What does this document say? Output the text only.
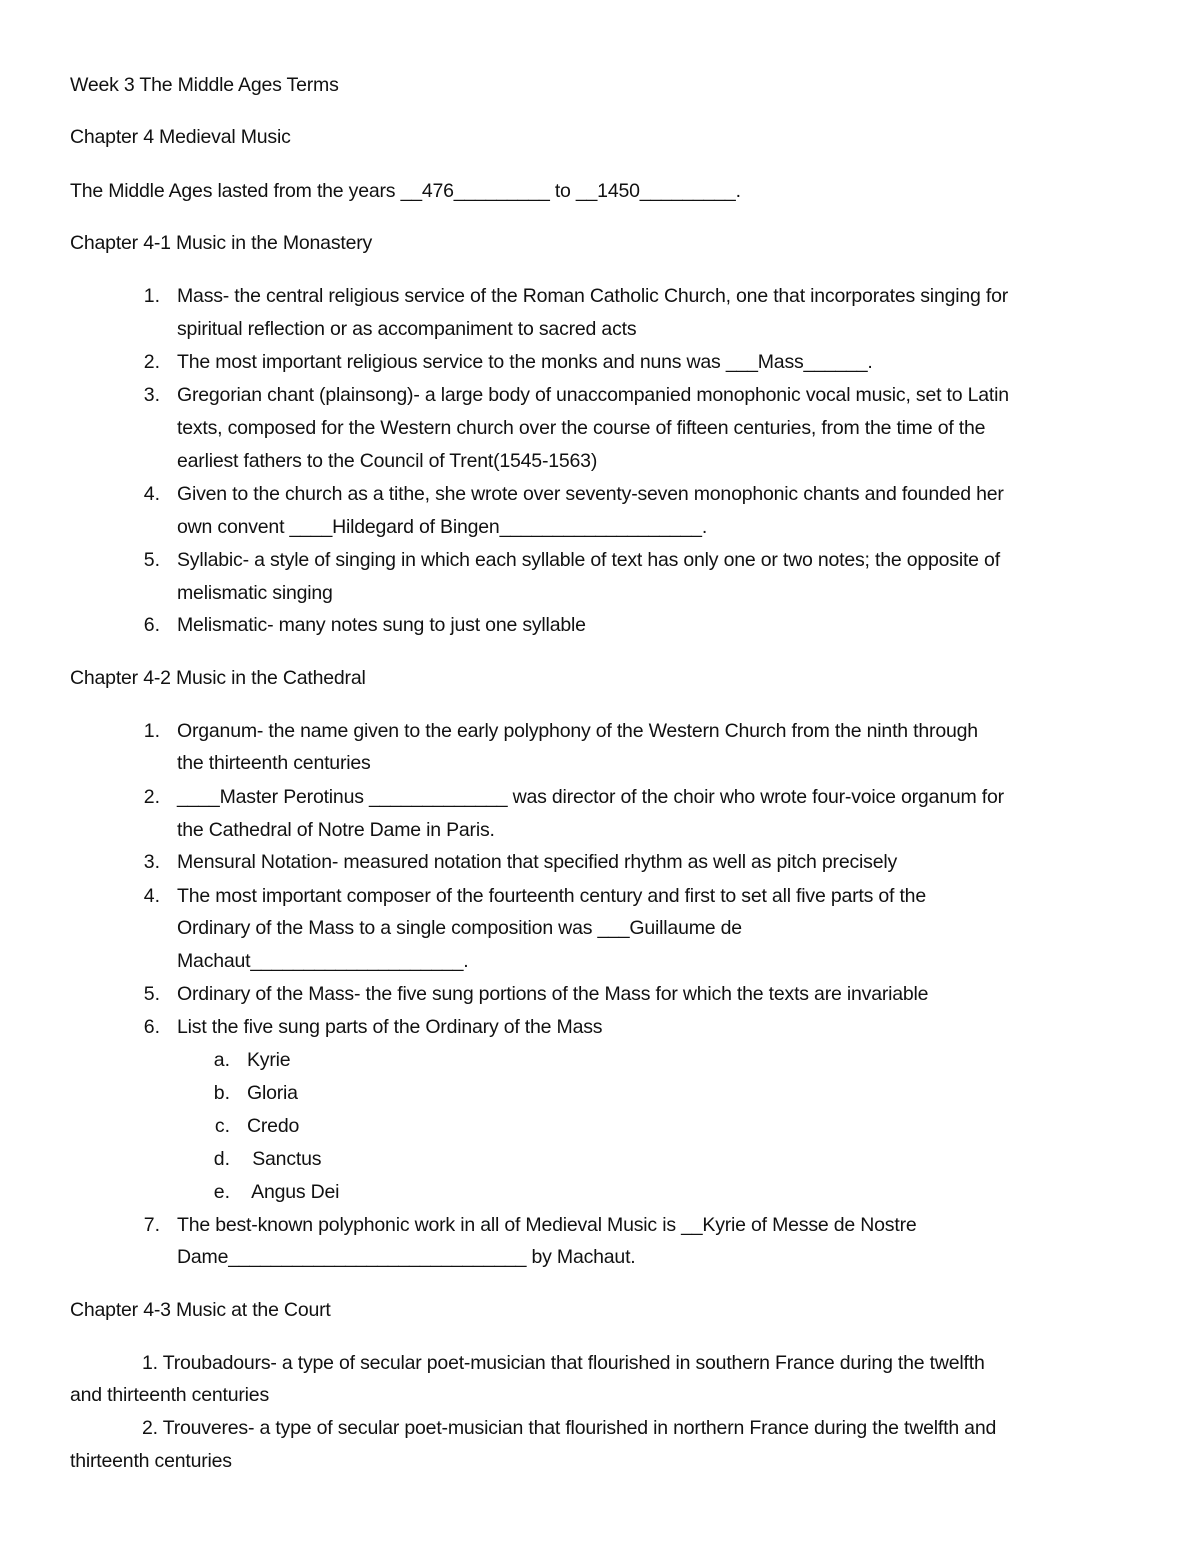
Week 3 The Middle Ages Terms
Chapter 4 Medieval Music
The Middle Ages lasted from the years __476_________ to __1450_________.
Chapter 4-1 Music in the Monastery
1. Mass- the central religious service of the Roman Catholic Church, one that incorporates singing for
spiritual reflection or as accompaniment to sacred acts
2. The most important religious service to the monks and nuns was ___Mass______.
3. Gregorian chant (plainsong)- a large body of unaccompanied monophonic vocal music, set to Latin
texts, composed for the Western church over the course of fifteen centuries, from the time of the
earliest fathers to the Council of Trent(1545-1563)
4. Given to the church as a tithe, she wrote over seventy-seven monophonic chants and founded her
own convent ____Hildegard of Bingen___________________.
5. Syllabic- a style of singing in which each syllable of text has only one or two notes; the opposite of
melismatic singing
6. Melismatic- many notes sung to just one syllable
Chapter 4-2 Music in the Cathedral
1. Organum- the name given to the early polyphony of the Western Church from the ninth through
the thirteenth centuries
2. ____Master Perotinus _____________ was director of the choir who wrote four-voice organum for
the Cathedral of Notre Dame in Paris.
3. Mensural Notation- measured notation that specified rhythm as well as pitch precisely
4. The most important composer of the fourteenth century and first to set all five parts of the
Ordinary of the Mass to a single composition was ___Guillaume de
Machaut____________________.
5. Ordinary of the Mass- the five sung portions of the Mass for which the texts are invariable
6. List the five sung parts of the Ordinary of the Mass
a. Kyrie
b. Gloria
c. Credo
d. Sanctus
e. Angus Dei
7. The best-known polyphonic work in all of Medieval Music is __Kyrie of Messe de Nostre
Dame____________________________ by Machaut.
Chapter 4-3 Music at the Court
1. Troubadours- a type of secular poet-musician that flourished in southern France during the twelfth
and thirteenth centuries
2. Trouveres- a type of secular poet-musician that flourished in northern France during the twelfth and
thirteenth centuries
